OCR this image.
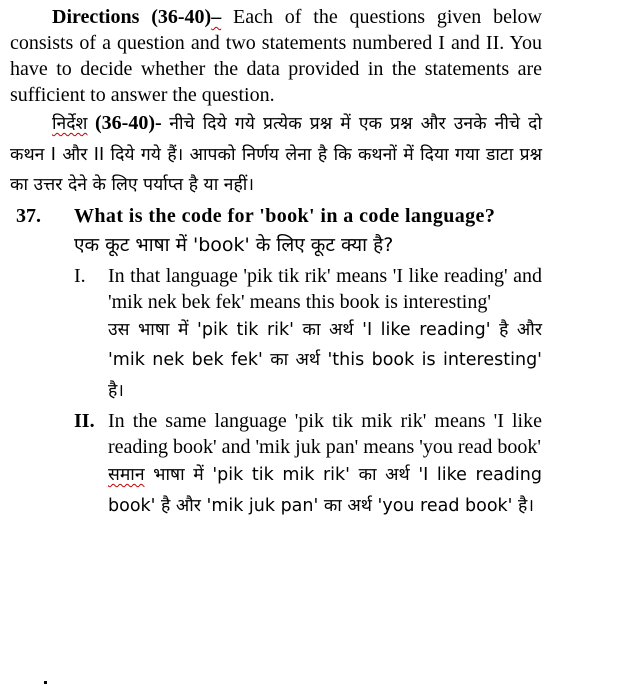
Directions (36-40)– Each of the questions given below consists of a question and two statements numbered I and II. You have to decide whether the data provided in the statements are sufficient to answer the question.

निर्देश (36-40)- नीचे दिये गये प्रत्येक प्रश्न में एक प्रश्न और उनके नीचे दो कथन I और II दिये गये हैं। आपको निर्णय लेना है कि कथनों में दिया गया डाटा प्रश्न का उत्तर देने के लिए पर्याप्त है या नहीं।

37.	What is the code for 'book' in a code language?

एक कूट भाषा में 'book' के लिए कूट क्या है?

I.	In that language 'pik tik rik' means 'I like reading' and 'mik nek bek fek' means this book is interesting'

उस भाषा में 'pik tik rik' का अर्थ 'I like reading' है और 'mik nek bek fek' का अर्थ 'this book is interesting' है।

II. In the same language 'pik tik mik rik' means 'I like reading book' and 'mik juk pan' means 'you read book'

समान भाषा में 'pik tik mik rik' का अर्थ 'I like reading book' है और 'mik juk pan' का अर्थ 'you read book' है।
